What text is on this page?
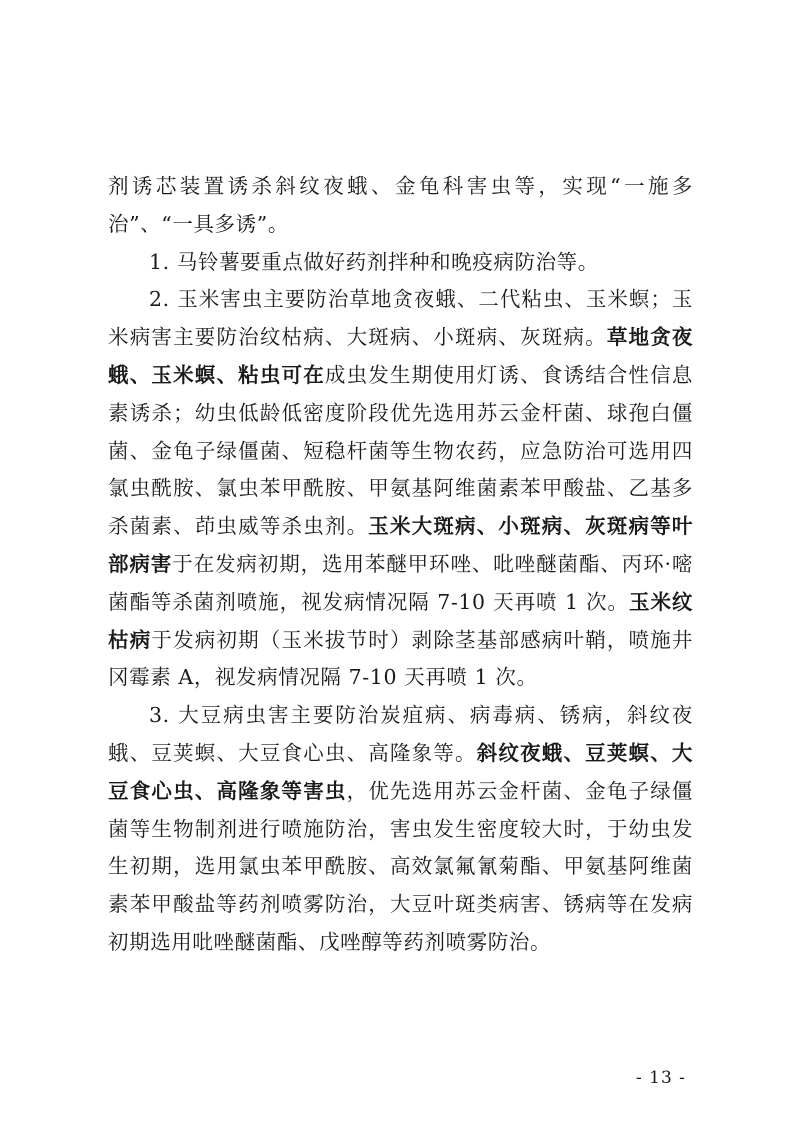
剂诱芯装置诱杀斜纹夜蛾、金龟科害虫等，实现“一施多治”、“一具多诱”。

1. 马铃薯要重点做好药剂拌种和晚疫病防治等。

2. 玉米害虫主要防治草地贪夜蛾、二代粘虫、玉米螟；玉米病害主要防治纹枯病、大斑病、小斑病、灰斑病。草地贪夜蛾、玉米螟、粘虫可在成虫发生期使用灯诱、食诱结合性信息素诱杀；幼虫低龄低密度阶段优先选用苏云金杆菌、球孢白僵菌、金龟子绿僵菌、短稳杆菌等生物农药，应急防治可选用四氯虫酰胺、氯虫苯甲酰胺、甲氨基阿维菌素苯甲酸盐、乙基多杀菌素、茚虫威等杀虫剂。玉米大斑病、小斑病、灰斑病等叶部病害于在发病初期，选用苯醚甲环唑、吡唑醚菌酯、丙环·嘧菌酯等杀菌剂喷施，视发病情况隔 7-10 天再喷 1 次。玉米纹枯病于发病初期（玉米拔节时）剥除茎基部感病叶鞘，喷施井冈霉素 A，视发病情况隔 7-10 天再喷 1 次。

3. 大豆病虫害主要防治炭疽病、病毒病、锈病，斜纹夜蛾、豆荚螟、大豆食心虫、高隆象等。斜纹夜蛾、豆荚螟、大豆食心虫、高隆象等害虫，优先选用苏云金杆菌、金龟子绿僵菌等生物制剂进行喷施防治，害虫发生密度较大时，于幼虫发生初期，选用氯虫苯甲酰胺、高效氯氟氰菊酯、甲氨基阿维菌素苯甲酸盐等药剂喷雾防治，大豆叶斑类病害、锈病等在发病初期选用吡唑醚菌酯、戊唑醇等药剂喷雾防治。

- 13 -
